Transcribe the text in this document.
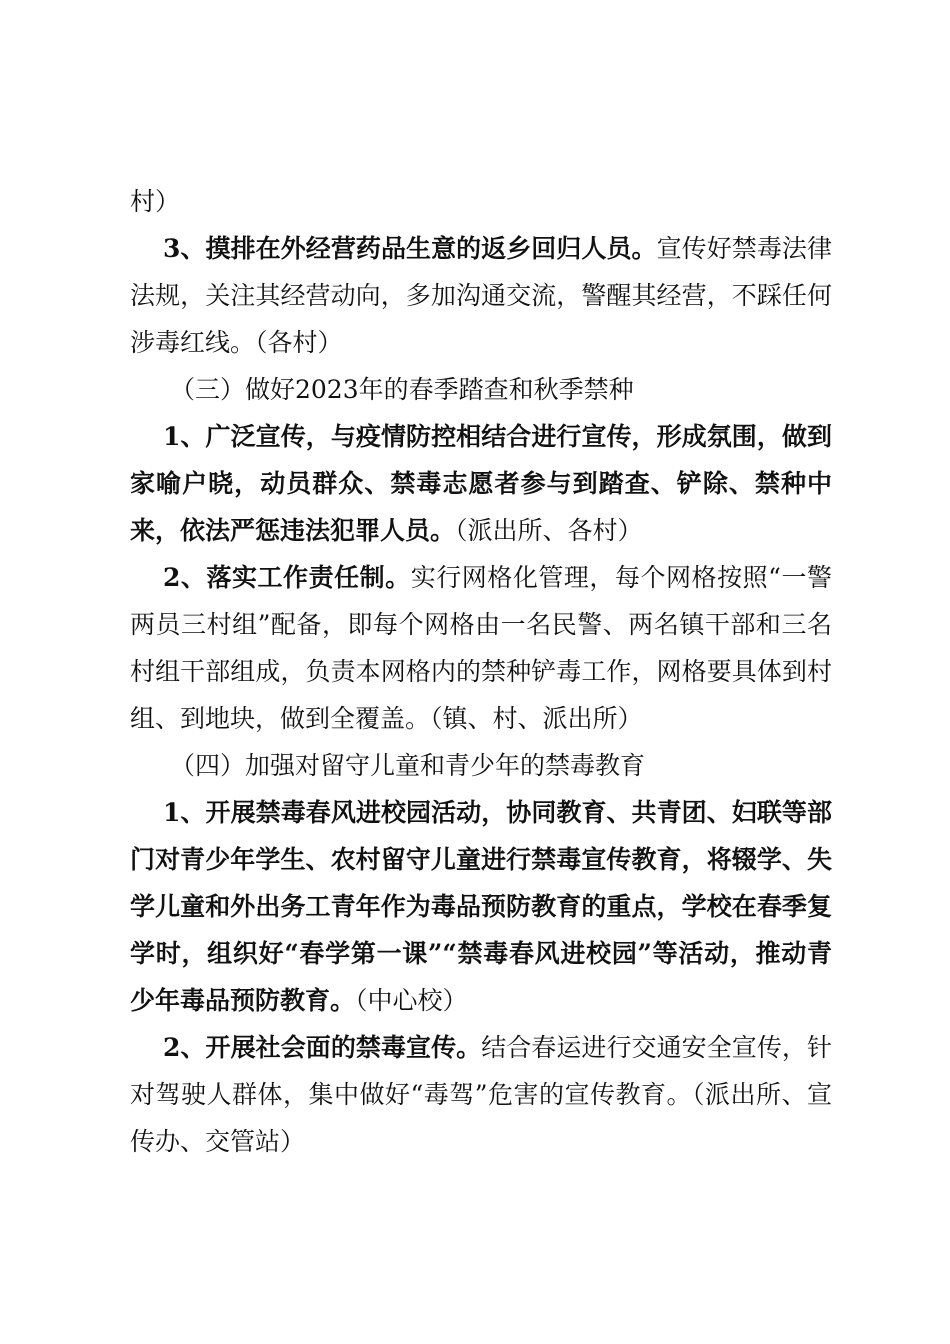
村）

3、摸排在外经营药品生意的返乡回归人员。宣传好禁毒法律法规，关注其经营动向，多加沟通交流，警醒其经营，不踩任何涉毒红线。（各村）

（三）做好2023年的春季踏查和秋季禁种

1、广泛宣传，与疫情防控相结合进行宣传，形成氛围，做到家喻户晓，动员群众、禁毒志愿者参与到踏查、铲除、禁种中来，依法严惩违法犯罪人员。（派出所、各村）

2、落实工作责任制。实行网格化管理，每个网格按照“一警两员三村组”配备，即每个网格由一名民警、两名镇干部和三名村组干部组成，负责本网格内的禁种铲毒工作，网格要具体到村组、到地块，做到全覆盖。（镇、村、派出所）

（四）加强对留守儿童和青少年的禁毒教育

1、开展禁毒春风进校园活动，协同教育、共青团、妇联等部门对青少年学生、农村留守儿童进行禁毒宣传教育，将辍学、失学儿童和外出务工青年作为毒品预防教育的重点，学校在春季复学时，组织好“春学第一课”“禁毒春风进校园”等活动，推动青少年毒品预防教育。（中心校）

2、开展社会面的禁毒宣传。结合春运进行交通安全宣传，针对驾驶人群体，集中做好“毒驾”危害的宣传教育。（派出所、宣传办、交管站）
